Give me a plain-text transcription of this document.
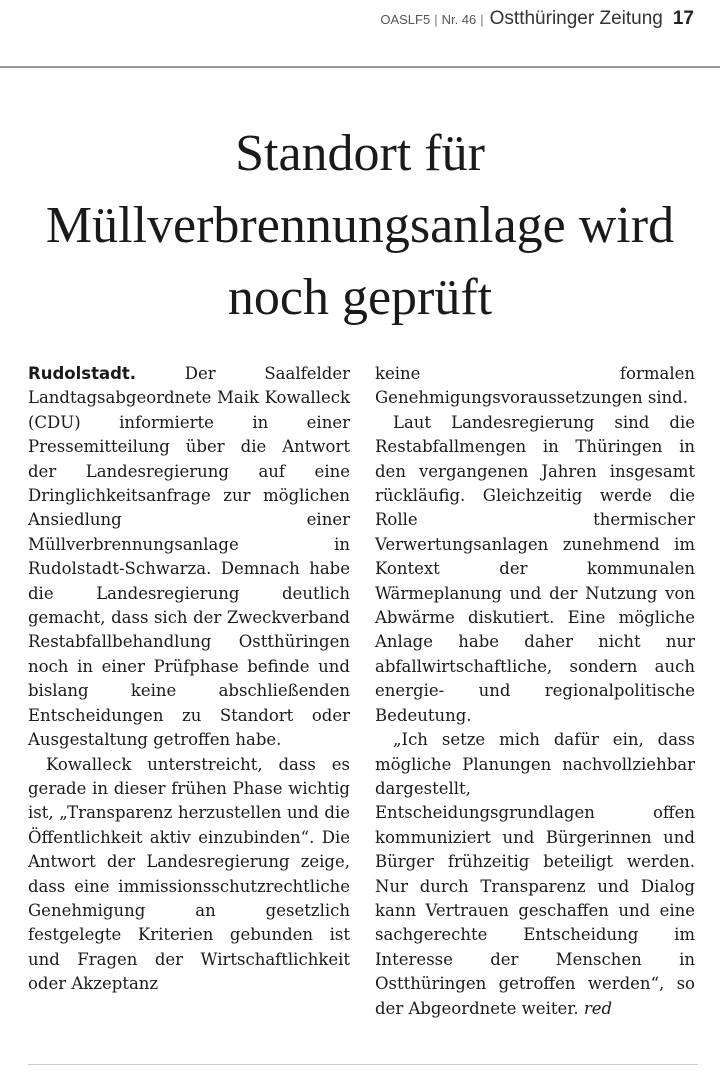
OASLF5 | Nr. 46 | Ostthüringer Zeitung 17
Standort für Müllverbrennungsanlage wird noch geprüft

Rudolstadt.	Der Saalfelder Landtagsabgeordnete Maik Kowalleck (CDU) informierte in einer Pressemitteilung über die Antwort der Landesregierung auf eine Dringlichkeitsanfrage zur möglichen Ansiedlung einer Müllverbrennungsanlage in Rudolstadt-Schwarza. Demnach habe die Landesregierung deutlich gemacht, dass sich der Zweckverband Restabfallbehandlung Ostthüringen noch in einer Prüfphase befinde und bislang keine abschließenden Entscheidungen zu Standort oder Ausgestaltung getroffen habe.

Kowalleck unterstreicht, dass es gerade in dieser frühen Phase wichtig ist, „Transparenz herzustellen und die Öffentlichkeit aktiv einzubinden“. Die Antwort der Landesregierung zeige, dass eine immissionsschutzrechtliche Genehmigung an gesetzlich festgelegte Kriterien gebunden ist und Fragen der Wirtschaftlichkeit oder Akzeptanz

keine formalen Genehmigungsvoraussetzungen sind.

Laut Landesregierung sind die Restabfallmengen in Thüringen in den vergangenen Jahren insgesamt rückläufig. Gleichzeitig werde die Rolle thermischer Verwertungsanlagen zunehmend im Kontext der kommunalen Wärmeplanung und der Nutzung von Abwärme diskutiert. Eine mögliche Anlage habe daher nicht nur abfallwirtschaftliche, sondern auch energie- und regionalpolitische Bedeutung.

„Ich setze mich dafür ein, dass mögliche Planungen nachvollziehbar dargestellt, Entscheidungsgrundlagen offen kommuniziert und Bürgerinnen und Bürger frühzeitig beteiligt werden. Nur durch Transparenz und Dialog kann Vertrauen geschaffen und eine sachgerechte Entscheidung im Interesse der Menschen in Ostthüringen getroffen werden“, so der Abgeordnete weiter. red
